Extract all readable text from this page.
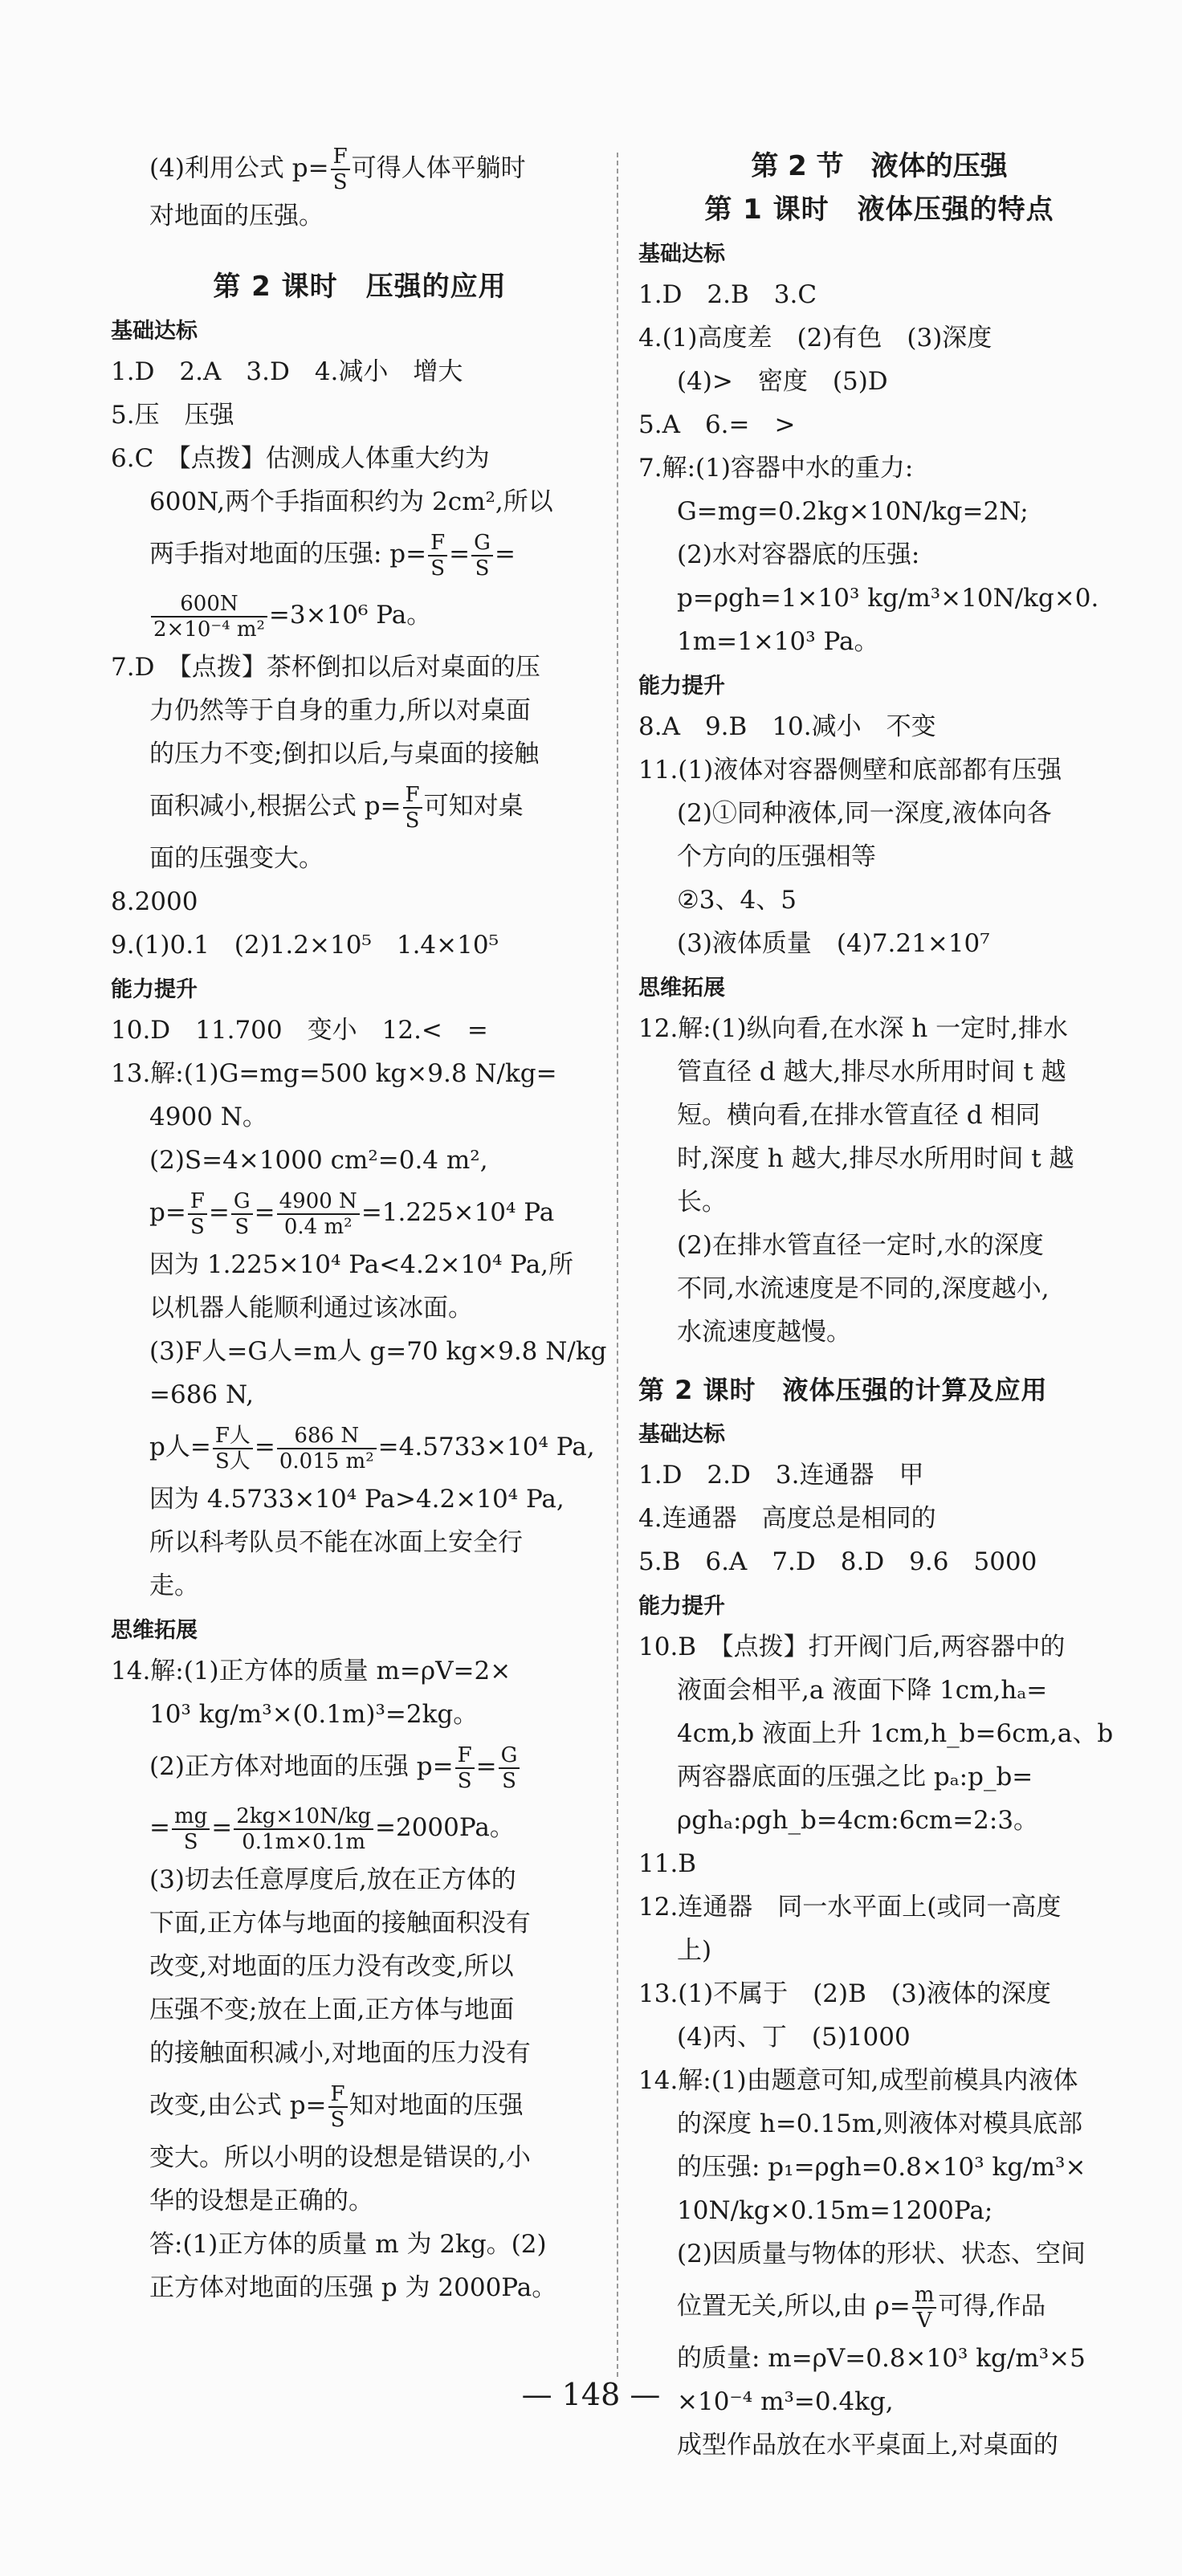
(4)利用公式 $p= \frac{F}{S}$ 可得人体平躺时

对地面的压强。

第 2 课时　压强的应用
基础达标

1.D　2.A　3.D　4.减小　增大

5.压　压强

6.C　【点拨】估测成人体重大约为

600N,两个手指面积约为 2cm²,所以

两手指对地面的压强: $p= \frac{F}{S} = \frac{G}{S}$ =

$\frac{600N}{\text{2×10⁻⁴ m²}} =3\times 10^6$ Pa。

7.D　【点拨】茶杯倒扣以后对桌面的压

力仍然等于自身的重力,所以对桌面

的压力不变;倒扣以后,与桌面的接触

面积减小,根据公式 $p= \frac{F}{S}$ 可知对桌

面的压强变大。

8.2000

9.(1)0.1　(2)1.2×10⁵　1.4×10⁵

能力提升

10.D　11.700　变小　12.<　=

13.解:(1)G=mg=500 kg×9.8 N/kg=

4900 N。

(2)S=4×1000 cm²=0.4 m²,

$p= \frac{F}{S} = \frac{G}{S} = \frac{4900 N}{\text{0.4 m²}} =1.225\times 10^4$ Pa

因为 1.225×10⁴ Pa<4.2×10⁴ Pa,所

以机器人能顺利通过该冰面。

(3)F人=G人=m人 g=70 kg×9.8 N/kg

=686 N,

p人= $\frac{\text{F人}}{\text{S人}} = \frac{686 N}{\text{0.015 m²}} =4.5733\times 10^4$ Pa,

因为 4.5733×10⁴ Pa>4.2×10⁴ Pa,

所以科考队员不能在冰面上安全行

走。

思维拓展

14.解:(1)正方体的质量 m=ρV=2×

10³ kg/m³×(0.1m)³=2kg。

(2)正方体对地面的压强 $p= \frac{F}{S} = \frac{G}{S}$

= $\frac{mg}{S} = \frac{2kg\times 10N/kg}{0.1m\times 0.1m} =2000Pa$。

(3)切去任意厚度后,放在正方体的

下面,正方体与地面的接触面积没有

改变,对地面的压力没有改变,所以

压强不变;放在上面,正方体与地面

的接触面积减小,对地面的压力没有

改变,由公式 $p= \frac{F}{S}$ 知对地面的压强

变大。所以小明的设想是错误的,小

华的设想是正确的。

答:(1)正方体的质量 m 为 2kg。(2)

正方体对地面的压强 p 为 2000Pa。

第 2 节　液体的压强
第 1 课时　液体压强的特点
基础达标

1.D　2.B　3.C

4.(1)高度差　(2)有色　(3)深度

(4)>　密度　(5)D

5.A　6.=　>

7.解:(1)容器中水的重力:

G=mg=0.2kg×10N/kg=2N;

(2)水对容器底的压强:

p=ρgh=1×10³ kg/m³×10N/kg×0.

1m=1×10³ Pa。

能力提升

8.A　9.B　10.减小　不变

11.(1)液体对容器侧壁和底部都有压强

(2)①同种液体,同一深度,液体向各

个方向的压强相等

②3、4、5

(3)液体质量　(4)7.21×10⁷

思维拓展

12.解:(1)纵向看,在水深 h 一定时,排水

管直径 d 越大,排尽水所用时间 t 越

短。横向看,在排水管直径 d 相同

时,深度 h 越大,排尽水所用时间 t 越

长。

(2)在排水管直径一定时,水的深度

不同,水流速度是不同的,深度越小,

水流速度越慢。

第 2 课时　液体压强的计算及应用
基础达标

1.D　2.D　3.连通器　甲

4.连通器　高度总是相同的

5.B　6.A　7.D　8.D　9.6　5000

能力提升

10.B　【点拨】打开阀门后,两容器中的

液面会相平,a 液面下降 1cm,hₐ=

4cm,b 液面上升 1cm,h_b=6cm,a、b

两容器底面的压强之比 pₐ:p_b=

ρghₐ:ρgh_b=4cm:6cm=2:3。

11.B

12.连通器　同一水平面上(或同一高度

上)

13.(1)不属于　(2)B　(3)液体的深度

(4)丙、丁　(5)1000

14.解:(1)由题意可知,成型前模具内液体

的深度 h=0.15m,则液体对模具底部

的压强: p₁=ρgh=0.8×10³ kg/m³×

10N/kg×0.15m=1200Pa;

(2)因质量与物体的形状、状态、空间

位置无关,所以,由 $\rho= \frac{m}{V}$ 可得,作品

的质量: m=ρV=0.8×10³ kg/m³×5

×10⁻⁴ m³=0.4kg,

成型作品放在水平桌面上,对桌面的

— 148 —
